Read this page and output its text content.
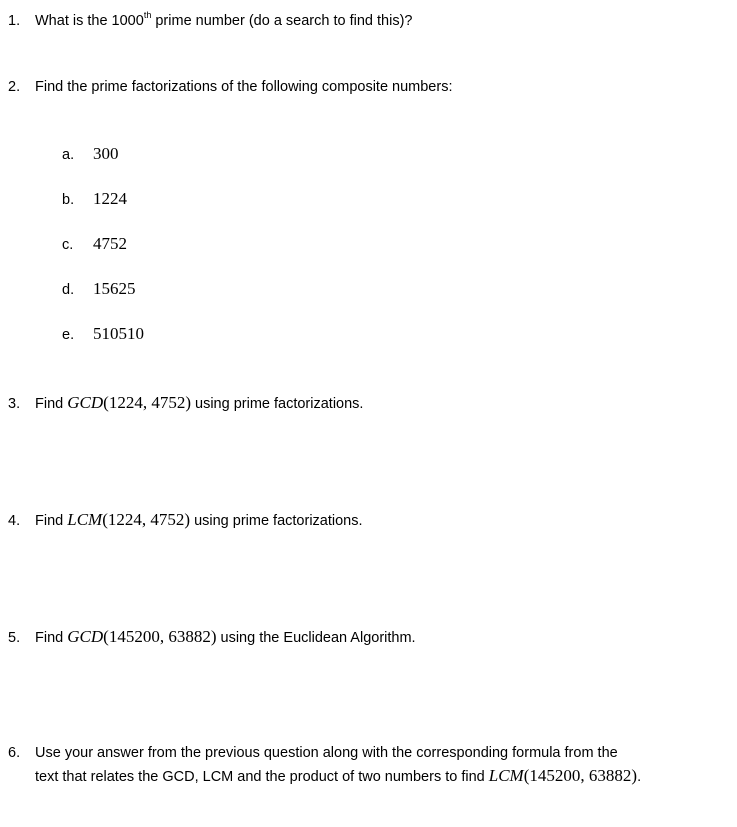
1. What is the 1000th prime number (do a search to find this)?
2. Find the prime factorizations of the following composite numbers:
a. 300
b. 1224
c. 4752
d. 15625
e. 510510
3. Find GCD(1224, 4752) using prime factorizations.
4. Find LCM(1224, 4752) using prime factorizations.
5. Find GCD(145200, 63882) using the Euclidean Algorithm.
6. Use your answer from the previous question along with the corresponding formula from the
text that relates the GCD, LCM and the product of two numbers to find LCM(145200, 63882).
